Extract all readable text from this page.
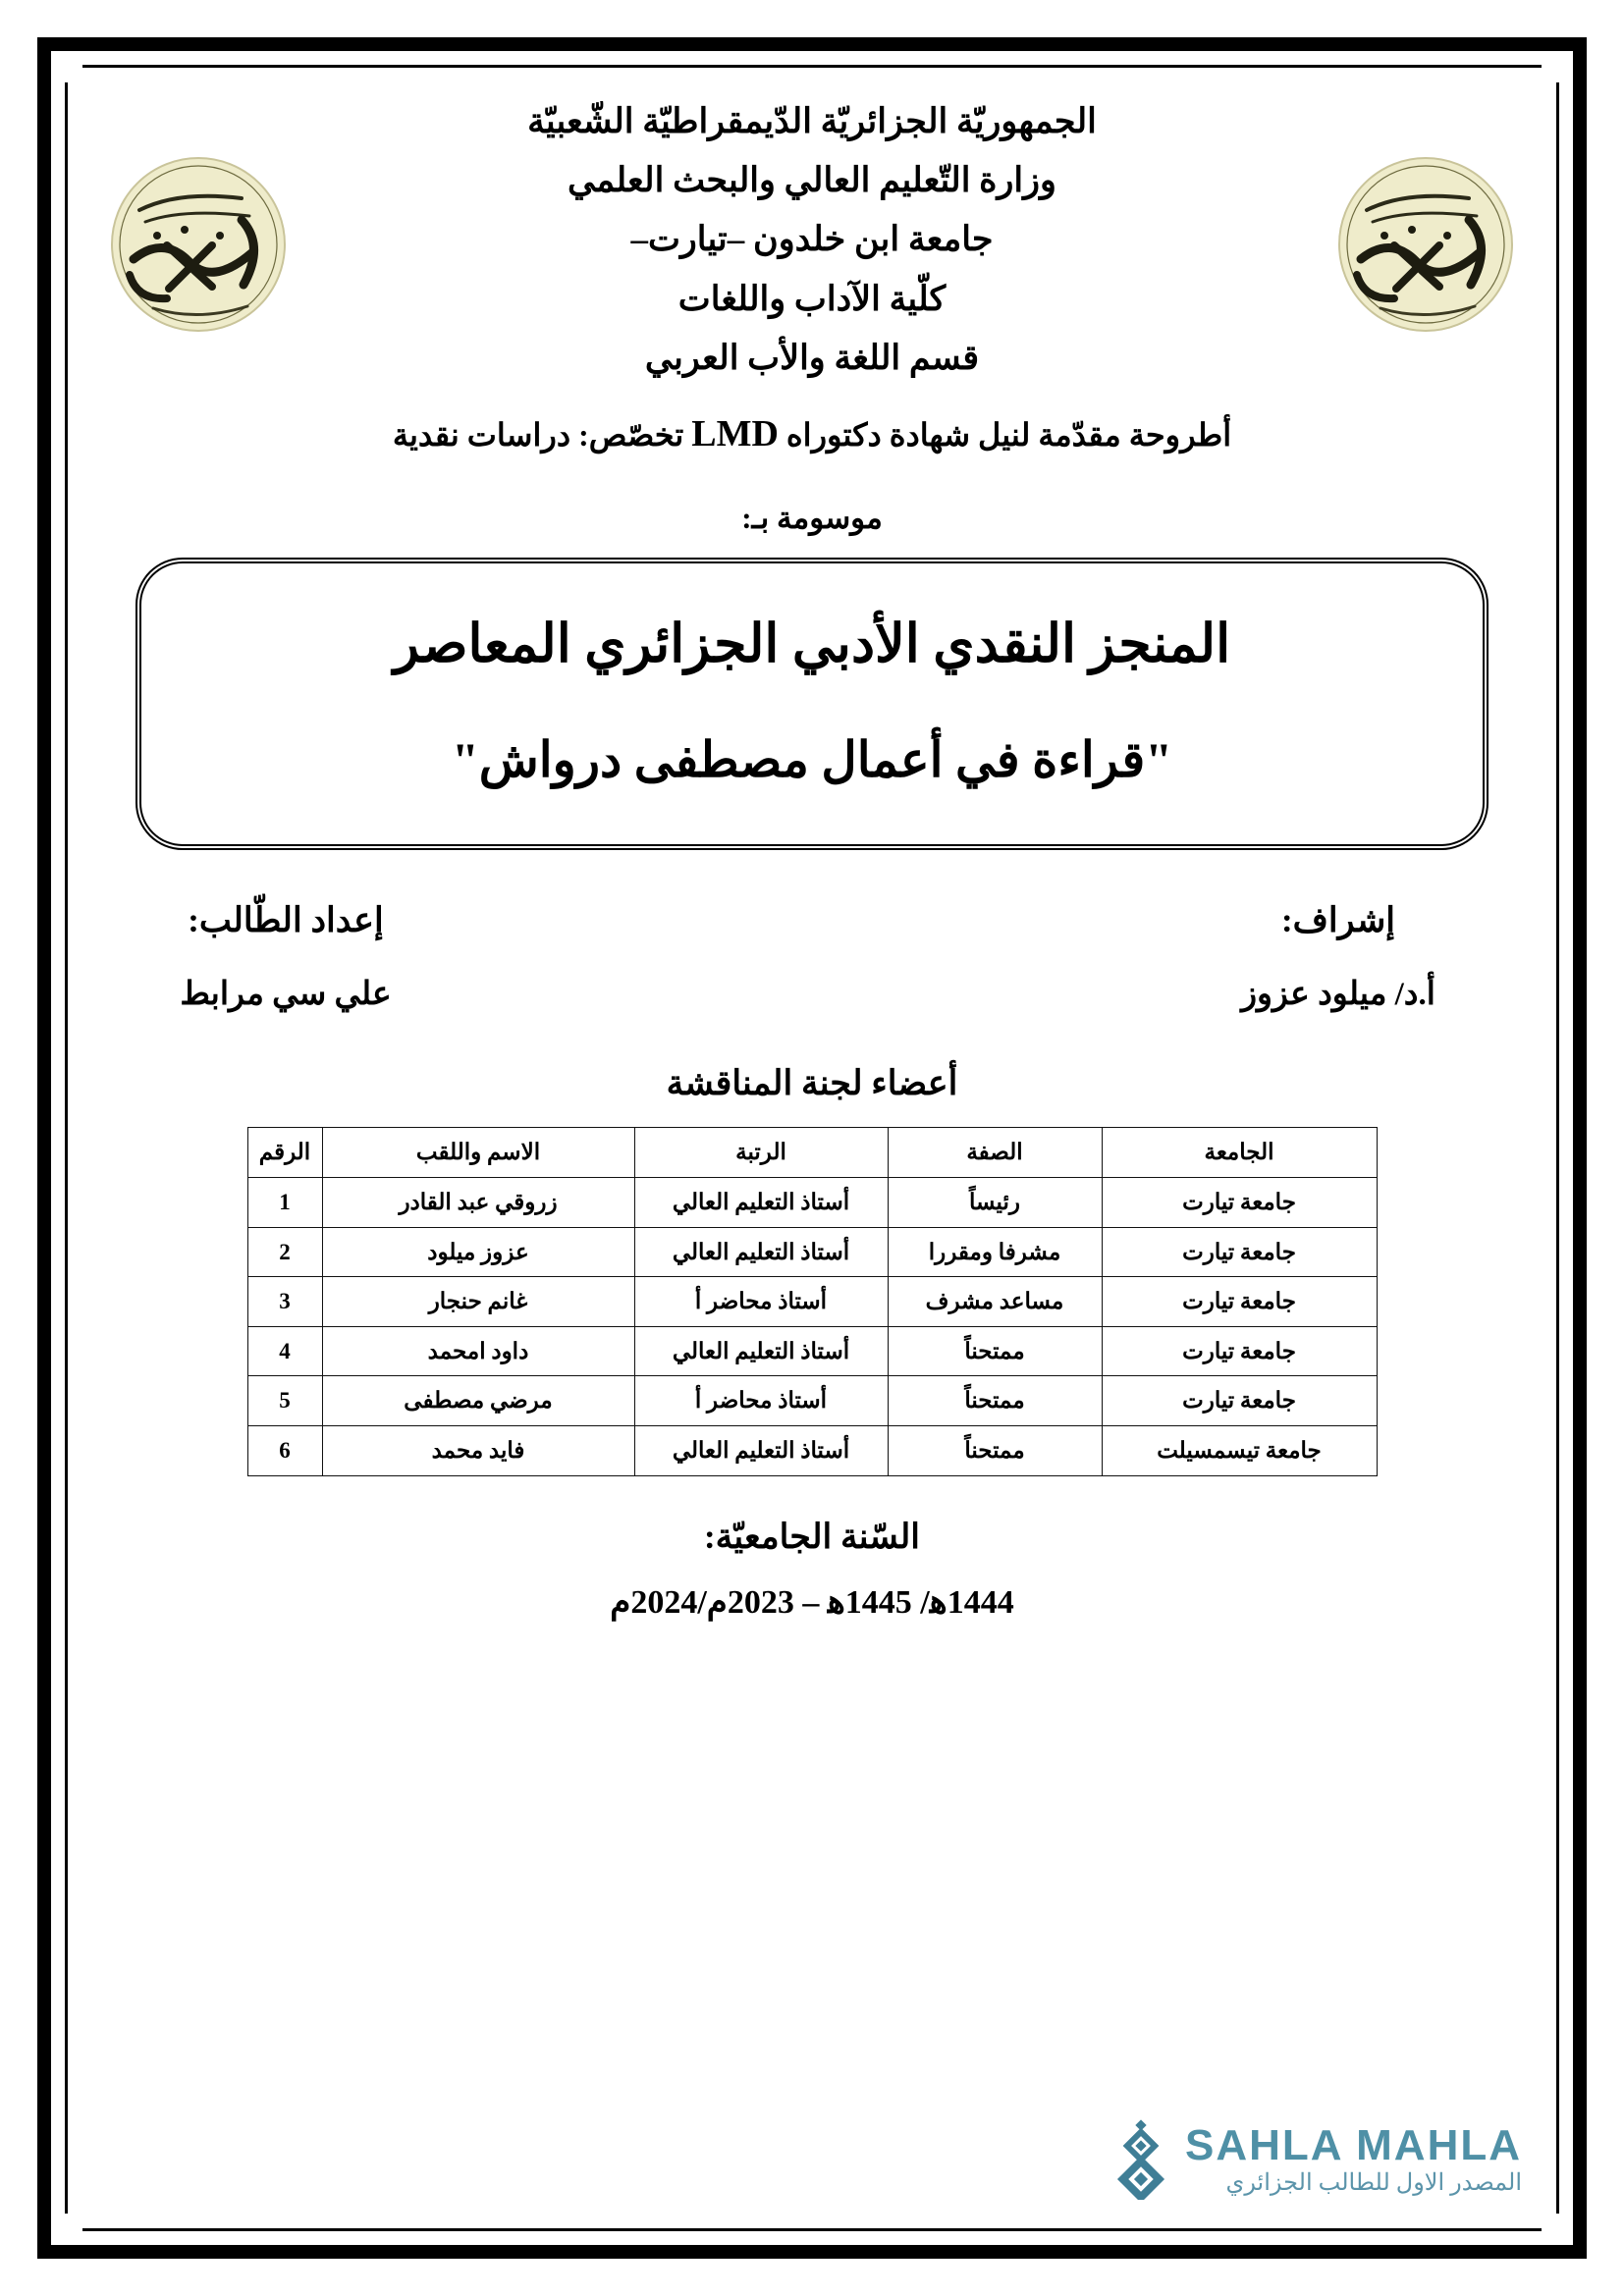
الجمهوريّة الجزائريّة الدّيمقراطيّة الشّعبيّة
وزارة التّعليم العالي والبحث العلمي
جامعة ابن خلدون –تيارت–
كلّية الآداب واللغات
قسم اللغة والأب العربي
أطروحة مقدّمة لنيل شهادة دكتوراه LMD تخصّص: دراسات نقدية
موسومة بـ:
المنجز النقدي الأدبي الجزائري المعاصر
"قراءة في أعمال مصطفى درواش"
إشراف:
أ.د/ ميلود عزوز
إعداد الطّالب:
علي سي مرابط
أعضاء لجنة المناقشة
الجامعة	الصفة	الرتبة	الاسم واللقب	الرقم
جامعة تيارت	رئيساً	أستاذ التعليم العالي	زروقي عبد القادر	1
جامعة تيارت	مشرفا ومقررا	أستاذ التعليم العالي	عزوز ميلود	2
جامعة تيارت	مساعد مشرف	أستاذ محاضر أ	غانم حنجار	3
جامعة تيارت	ممتحناً	أستاذ التعليم العالي	داود امحمد	4
جامعة تيارت	ممتحناً	أستاذ محاضر أ	مرضي مصطفى	5
جامعة تيسمسيلت	ممتحناً	أستاذ التعليم العالي	فايد محمد	6
السّنة الجامعيّة:
1444ﻫ/ 1445ﻫ – 2023م/2024م
SAHLA MAHLA
المصدر الاول للطالب الجزائري
